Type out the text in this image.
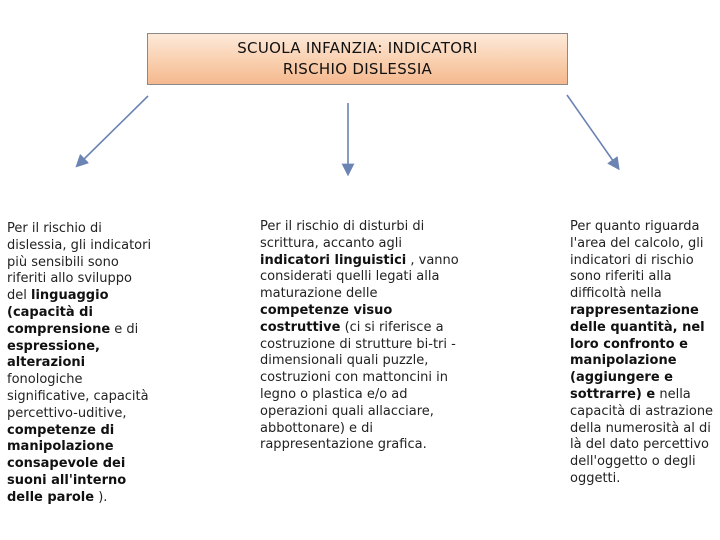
SCUOLA INFANZIA: INDICATORI
RISCHIO DISLESSIA
Per il rischio di dislessia, gli indicatori più sensibili sono riferiti allo sviluppo del linguaggio (capacità di comprensione e di espressione, alterazioni fonologiche significative, capacità percettivo-uditive, competenze di manipolazione consapevole dei suoni all'interno delle parole ).
Per il rischio di disturbi di scrittura, accanto agli indicatori linguistici , vanno considerati quelli legati alla maturazione delle competenze visuo costruttive (ci si riferisce a costruzione di strutture bi-tri -dimensionali quali puzzle, costruzioni con mattoncini in legno o plastica e/o ad operazioni quali allacciare, abbottonare) e di rappresentazione grafica.
Per quanto riguarda l'area del calcolo, gli indicatori di rischio sono riferiti alla difficoltà nella rappresentazione delle quantità, nel loro confronto e manipolazione (aggiungere e sottrarre) e nella capacità di astrazione della numerosità al di là del dato percettivo dell'oggetto o degli oggetti.
